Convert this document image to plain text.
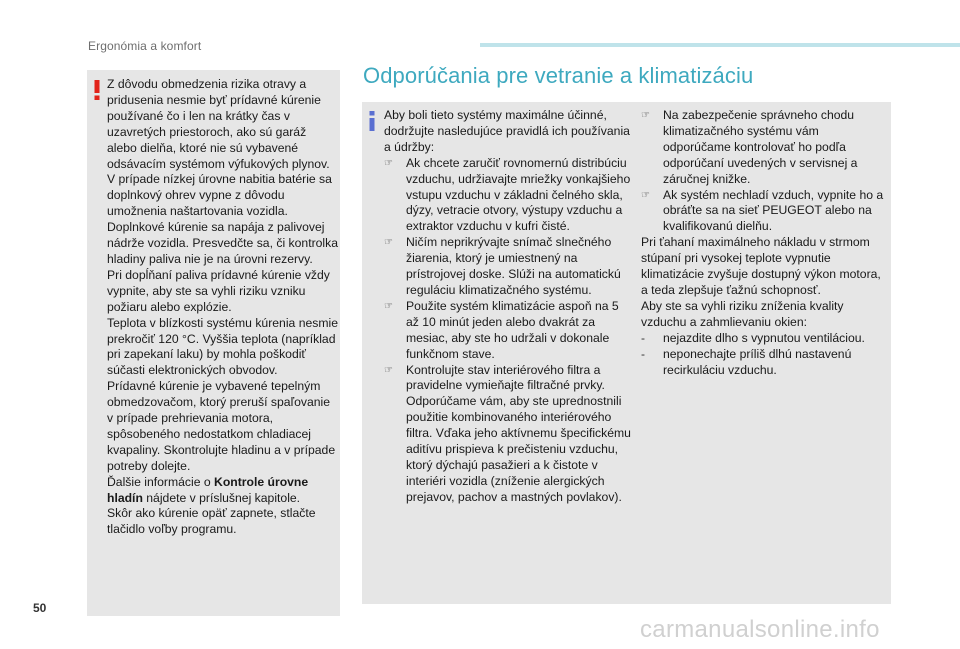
Ergonómia a komfort

Z dôvodu obmedzenia rizika otravy a pridusenia nesmie byť prídavné kúrenie používané čo i len na krátky čas v uzavretých priestoroch, ako sú garáž alebo dielňa, ktoré nie sú vybavené odsávacím systémom výfukových plynov.

V prípade nízkej úrovne nabitia batérie sa doplnkový ohrev vypne z dôvodu umožnenia naštartovania vozidla.

Doplnkové kúrenie sa napája z palivovej nádrže vozidla. Presvedčte sa, či kontrolka hladiny paliva nie je na úrovni rezervy.

Pri dopĺňaní paliva prídavné kúrenie vždy vypnite, aby ste sa vyhli riziku vzniku požiaru alebo explózie.

Teplota v blízkosti systému kúrenia nesmie prekročiť 120 °C. Vyššia teplota (napríklad pri zapekaní laku) by mohla poškodiť súčasti elektronických obvodov.

Prídavné kúrenie je vybavené tepelným obmedzovačom, ktorý preruší spaľovanie v prípade prehrievania motora, spôsobeného nedostatkom chladiacej kvapaliny. Skontrolujte hladinu a v prípade potreby dolejte.

Ďalšie informácie o Kontrole úrovne hladín nájdete v príslušnej kapitole.

Skôr ako kúrenie opäť zapnete, stlačte tlačidlo voľby programu.

Odporúčania pre vetranie a klimatizáciu

Aby boli tieto systémy maximálne účinné, dodržujte nasledujúce pravidlá ich používania a údržby:

☞	Ak chcete zaručiť rovnomernú distribúciu vzduchu, udržiavajte mriežky vonkajšieho vstupu vzduchu v základni čelného skla, dýzy, vetracie otvory, výstupy vzduchu a extraktor vzduchu v kufri čisté.
☞	Ničím neprikrývajte snímač slnečného žiarenia, ktorý je umiestnený na prístrojovej doske. Slúži na automatickú reguláciu klimatizačného systému.
☞	Použite systém klimatizácie aspoň na 5 až 10 minút jeden alebo dvakrát za mesiac, aby ste ho udržali v dokonale funkčnom stave.
☞	Kontrolujte stav interiérového filtra a pravidelne vymieňajte filtračné prvky. Odporúčame vám, aby ste uprednostnili použitie kombinovaného interiérového filtra. Vďaka jeho aktívnemu špecifickému aditívu prispieva k prečisteniu vzduchu, ktorý dýchajú pasažieri a k čistote v interiéri vozidla (zníženie alergických prejavov, pachov a mastných povlakov).
☞	Na zabezpečenie správneho chodu klimatizačného systému vám odporúčame kontrolovať ho podľa odporúčaní uvedených v servisnej a záručnej knižke.
☞	Ak systém nechladí vzduch, vypnite ho a obráťte sa na sieť PEUGEOT alebo na kvalifikovanú dielňu.

Pri ťahaní maximálneho nákladu v strmom stúpaní pri vysokej teplote vypnutie klimatizácie zvyšuje dostupný výkon motora, a teda zlepšuje ťažnú schopnosť.

Aby ste sa vyhli riziku zníženia kvality vzduchu a zahmlievaniu okien:

-	nejazdite dlho s vypnutou ventiláciou.
-	neponechajte príliš dlhú nastavenú recirkuláciu vzduchu.
50
carmanualsonline.info
